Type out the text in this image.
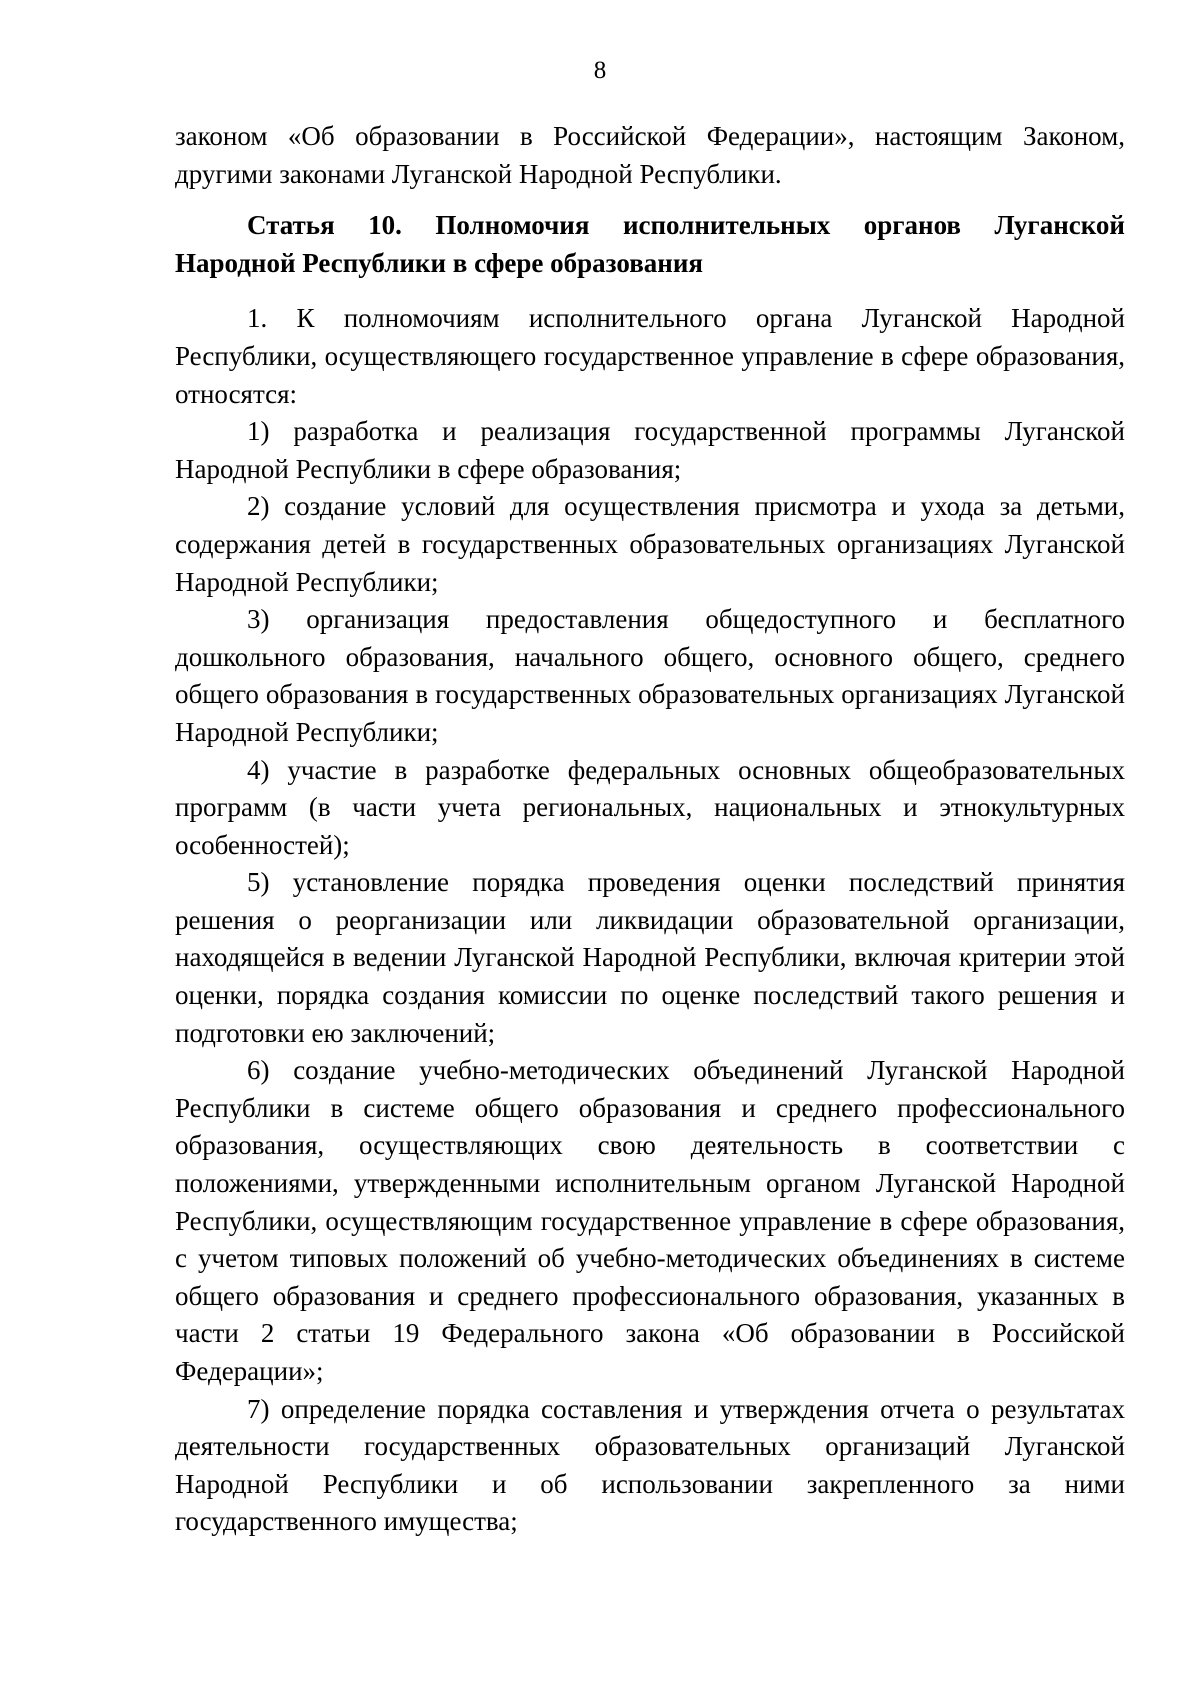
8

законом «Об образовании в Российской Федерации», настоящим Законом, другими законами Луганской Народной Республики.

Статья 10. Полномочия исполнительных органов Луганской
Народной Республики в сфере образования

1. К полномочиям исполнительного органа Луганской Народной Республики, осуществляющего государственное управление в сфере образования, относятся:

1) разработка и реализация государственной программы Луганской Народной Республики в сфере образования;

2) создание условий для осуществления присмотра и ухода за детьми, содержания детей в государственных образовательных организациях Луганской Народной Республики;

3) организация предоставления общедоступного и бесплатного дошкольного образования, начального общего, основного общего, среднего общего образования в государственных образовательных организациях Луганской Народной Республики;

4) участие в разработке федеральных основных общеобразовательных программ (в части учета региональных, национальных и этнокультурных особенностей);

5) установление порядка проведения оценки последствий принятия решения о реорганизации или ликвидации образовательной организации, находящейся в ведении Луганской Народной Республики, включая критерии этой оценки, порядка создания комиссии по оценке последствий такого решения и подготовки ею заключений;

6) создание учебно-методических объединений Луганской Народной Республики в системе общего образования и среднего профессионального образования, осуществляющих свою деятельность в соответствии с положениями, утвержденными исполнительным органом Луганской Народной Республики, осуществляющим государственное управление в сфере образования, с учетом типовых положений об учебно-методических объединениях в системе общего образования и среднего профессионального образования, указанных в части 2 статьи 19 Федерального закона «Об образовании в Российской Федерации»;

7) определение порядка составления и утверждения отчета о результатах деятельности государственных образовательных организаций Луганской Народной Республики и об использовании закрепленного за ними государственного имущества;
